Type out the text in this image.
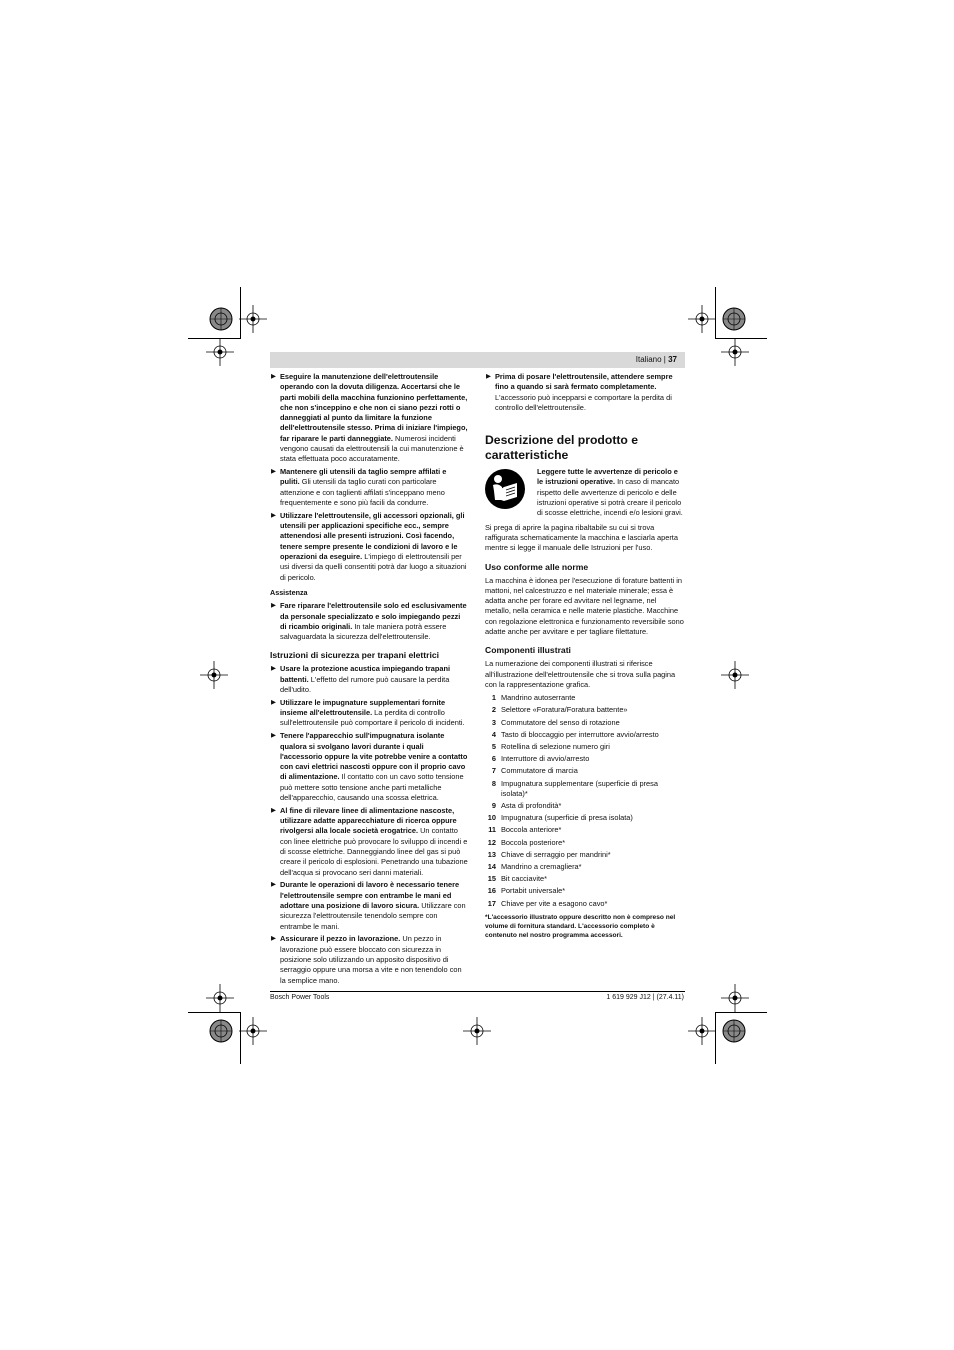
Italiano | 37
▶ Eseguire la manutenzione dell'elettroutensile operando con la dovuta diligenza. Accertarsi che le parti mobili della macchina funzionino perfettamente, che non s'inceppino e che non ci siano pezzi rotti o danneggiati al punto da limitare la funzione dell'elettroutensile stesso. Prima di iniziare l'impiego, far riparare le parti danneggiate. Numerosi incidenti vengono causati da elettroutensili la cui manutenzione è stata effettuata poco accuratamente.
▶ Mantenere gli utensili da taglio sempre affilati e puliti. Gli utensili da taglio curati con particolare attenzione e con taglienti affilati s'inceppano meno frequentemente e sono più facili da condurre.
▶ Utilizzare l'elettroutensile, gli accessori opzionali, gli utensili per applicazioni specifiche ecc., sempre attenendosi alle presenti istruzioni. Così facendo, tenere sempre presente le condizioni di lavoro e le operazioni da eseguire. L'impiego di elettroutensili per usi diversi da quelli consentiti potrà dar luogo a situazioni di pericolo.
Assistenza
▶ Fare riparare l'elettroutensile solo ed esclusivamente da personale specializzato e solo impiegando pezzi di ricambio originali. In tale maniera potrà essere salvaguardata la sicurezza dell'elettroutensile.
Istruzioni di sicurezza per trapani elettrici
▶ Usare la protezione acustica impiegando trapani battenti. L'effetto del rumore può causare la perdita dell'udito.
▶ Utilizzare le impugnature supplementari fornite insieme all'elettroutensile. La perdita di controllo sull'elettroutensile può comportare il pericolo di incidenti.
▶ Tenere l'apparecchio sull'impugnatura isolante qualora si svolgano lavori durante i quali l'accessorio oppure la vite potrebbe venire a contatto con cavi elettrici nascosti oppure con il proprio cavo di alimentazione. Il contatto con un cavo sotto tensione può mettere sotto tensione anche parti metalliche dell'apparecchio, causando una scossa elettrica.
▶ Al fine di rilevare linee di alimentazione nascoste, utilizzare adatte apparecchiature di ricerca oppure rivolgersi alla locale società erogatrice. Un contatto con linee elettriche può provocare lo sviluppo di incendi e di scosse elettriche. Danneggiando linee del gas si può creare il pericolo di esplosioni. Penetrando una tubazione dell'acqua si provocano seri danni materiali.
▶ Durante le operazioni di lavoro è necessario tenere l'elettroutensile sempre con entrambe le mani ed adottare una posizione di lavoro sicura. Utilizzare con sicurezza l'elettroutensile tenendolo sempre con entrambe le mani.
▶ Assicurare il pezzo in lavorazione. Un pezzo in lavorazione può essere bloccato con sicurezza in posizione solo utilizzando un apposito dispositivo di serraggio oppure una morsa a vite e non tenendolo con la semplice mano.
▶ Prima di posare l'elettroutensile, attendere sempre fino a quando si sarà fermato completamente. L'accessorio può incepparsi e comportare la perdita di controllo dell'elettroutensile.
Descrizione del prodotto e caratteristiche
Leggere tutte le avvertenze di pericolo e le istruzioni operative. In caso di mancato rispetto delle avvertenze di pericolo e delle istruzioni operative si potrà creare il pericolo di scosse elettriche, incendi e/o lesioni gravi.
Si prega di aprire la pagina ribaltabile su cui si trova raffigurata schematicamente la macchina e lasciarla aperta mentre si legge il manuale delle Istruzioni per l'uso.
Uso conforme alle norme
La macchina è idonea per l'esecuzione di forature battenti in mattoni, nel calcestruzzo e nel materiale minerale; essa è adatta anche per forare ed avvitare nel legname, nel metallo, nella ceramica e nelle materie plastiche. Macchine con regolazione elettronica e funzionamento reversibile sono adatte anche per avvitare e per tagliare filettature.
Componenti illustrati
La numerazione dei componenti illustrati si riferisce all'illustrazione dell'elettroutensile che si trova sulla pagina con la rappresentazione grafica.
1 Mandrino autoserrante
2 Selettore «Foratura/Foratura battente»
3 Commutatore del senso di rotazione
4 Tasto di bloccaggio per interruttore avvio/arresto
5 Rotellina di selezione numero giri
6 Interruttore di avvio/arresto
7 Commutatore di marcia
8 Impugnatura supplementare (superficie di presa isolata)*
9 Asta di profondità*
10 Impugnatura (superficie di presa isolata)
11 Boccola anteriore*
12 Boccola posteriore*
13 Chiave di serraggio per mandrini*
14 Mandrino a cremagliera*
15 Bit cacciavite*
16 Portabit universale*
17 Chiave per vite a esagono cavo*
*L'accessorio illustrato oppure descritto non è compreso nel volume di fornitura standard. L'accessorio completo è contenuto nel nostro programma accessori.
Bosch Power Tools	1 619 929 J12 | (27.4.11)
